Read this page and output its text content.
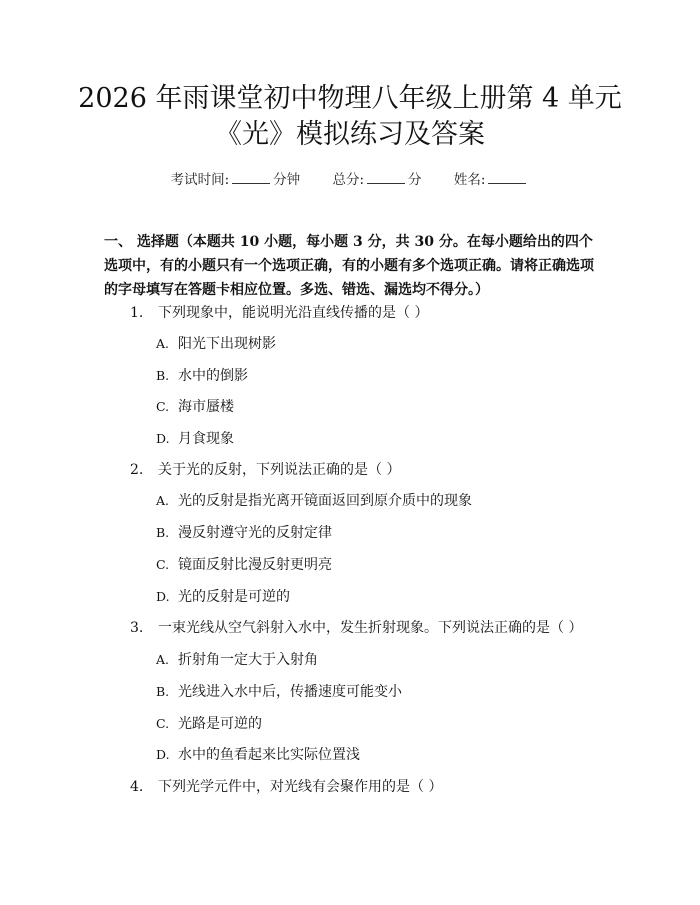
2026 年雨课堂初中物理八年级上册第 4 单元
《光》模拟练习及答案
考试时间:	分钟 总分:	分 姓名:
一、 选择题（本题共 10 小题，每小题 3 分，共 30 分。在每小题给出的四个选项中，有的小题只有一个选项正确，有的小题有多个选项正确。请将正确选项的字母填写在答题卡相应位置。多选、错选、漏选均不得分。）
1. 下列现象中，能说明光沿直线传播的是（ ）
A. 阳光下出现树影
B. 水中的倒影
C. 海市蜃楼
D. 月食现象
2. 关于光的反射，下列说法正确的是（ ）
A. 光的反射是指光离开镜面返回到原介质中的现象
B. 漫反射遵守光的反射定律
C. 镜面反射比漫反射更明亮
D. 光的反射是可逆的
3. 一束光线从空气斜射入水中，发生折射现象。下列说法正确的是（ ）
A. 折射角一定大于入射角
B. 光线进入水中后，传播速度可能变小
C. 光路是可逆的
D. 水中的鱼看起来比实际位置浅
4. 下列光学元件中，对光线有会聚作用的是（ ）
